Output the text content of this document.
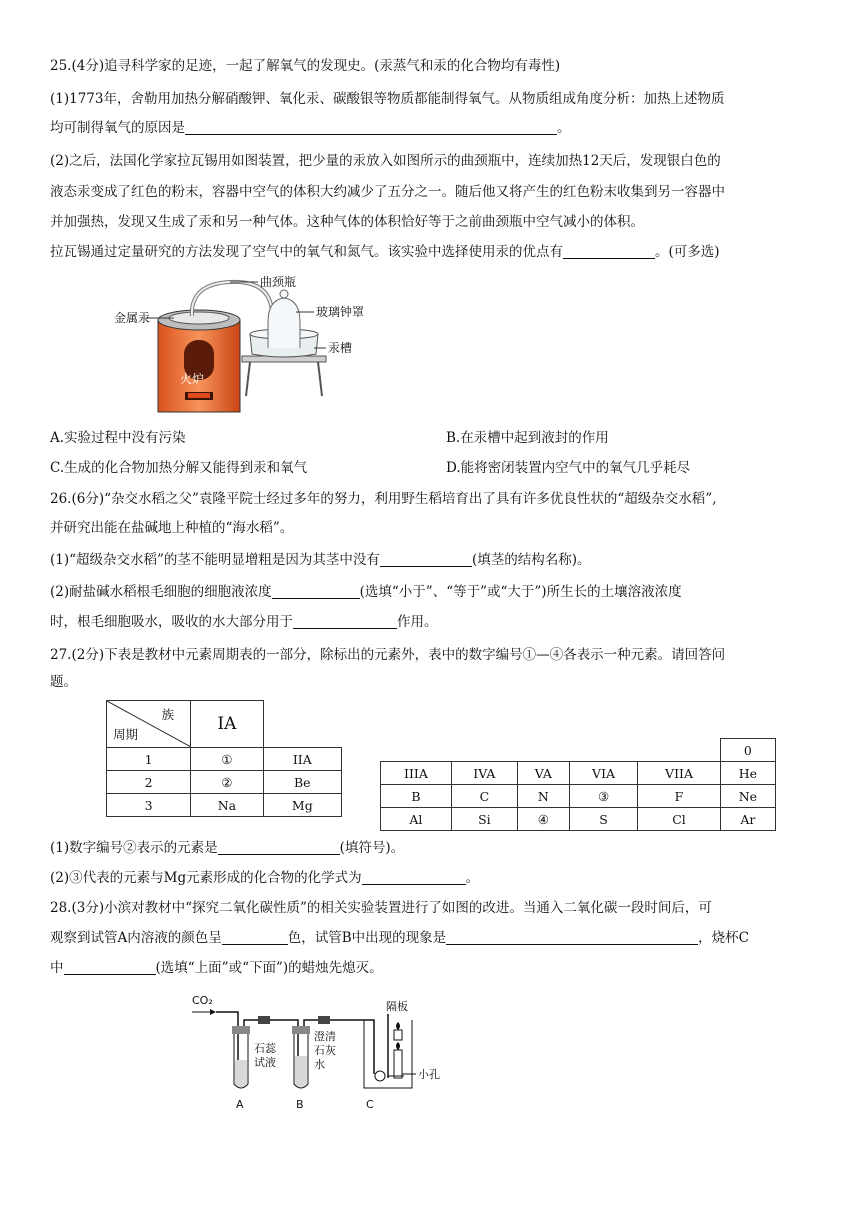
25.(4分)追寻科学家的足迹，一起了解氧气的发现史。(汞蒸气和汞的化合物均有毒性)
(1)1773年，舍勒用加热分解硝酸钾、氧化汞、碳酸银等物质都能制得氧气。从物质组成角度分析：加热上述物质
均可制得氧气的原因是	。
(2)之后，法国化学家拉瓦锡用如图装置，把少量的汞放入如图所示的曲颈瓶中，连续加热12天后，发现银白色的
液态汞变成了红色的粉末，容器中空气的体积大约减少了五分之一。随后他又将产生的红色粉末收集到另一容器中
并加强热，发现又生成了汞和另一种气体。这种气体的体积恰好等于之前曲颈瓶中空气减小的体积。
拉瓦锡通过定量研究的方法发现了空气中的氧气和氮气。该实验中选择使用汞的优点有	。(可多选)
火炉
曲颈瓶
金属汞	玻璃钟罩
汞槽
A.实验过程中没有污染	B.在汞槽中起到液封的作用
C.生成的化合物加热分解又能得到汞和氧气	D.能将密闭装置内空气中的氧气几乎耗尽
26.(6分)“杂交水稻之父”袁隆平院士经过多年的努力，利用野生稻培育出了具有许多优良性状的“超级杂交水稻”,
并研究出能在盐碱地上种植的“海水稻”。
(1)“超级杂交水稻”的茎不能明显增粗是因为其茎中没有	(填茎的结构名称)。
(2)耐盐碱水稻根毛细胞的细胞液浓度	(选填“小于”、“等于”或“大于”)所生长的土壤溶液浓度
时，根毛细胞吸水，吸收的水大部分用于	作用。
27.(2分)下表是教材中元素周期表的一部分，除标出的元素外，表中的数字编号①—④各表示一种元素。请回答问
题。
族
周期	IA	
1	①	IIA
2	②	Be
3	Na	Mg
					0
IIIA	IVA	VA	VIA	VIIA	He
B	C	N	③	F	Ne
Al	Si	④	S	Cl	Ar
(1)数字编号②表示的元素是	(填符号)。
(2)③代表的元素与Mg元素形成的化合物的化学式为	。
28.(3分)小滨对教材中“探究二氧化碳性质”的相关实验装置进行了如图的改进。当通入二氧化碳一段时间后，可
观察到试管A内溶液的颜色呈	色，试管B中出现的现象是	，烧杯C
中	(选填“上面”或“下面”)的蜡烛先熄灭。
CO₂
石蕊
试液
A
澄清
石灰
水
B
隔板
小孔
C
